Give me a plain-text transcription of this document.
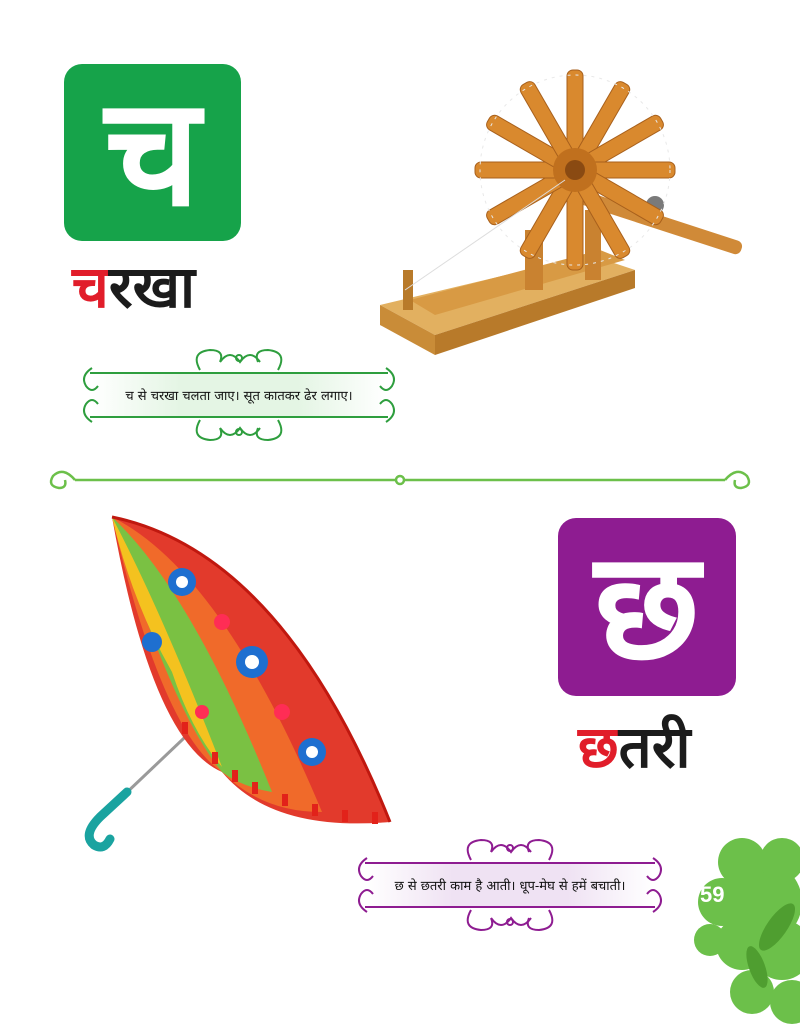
च
चरखा
च से चरखा चलता जाए। सूत कातकर ढेर लगाए।
छ
छतरी
छ से छतरी काम है आती। धूप-मेघ से हमें बचाती।	59
